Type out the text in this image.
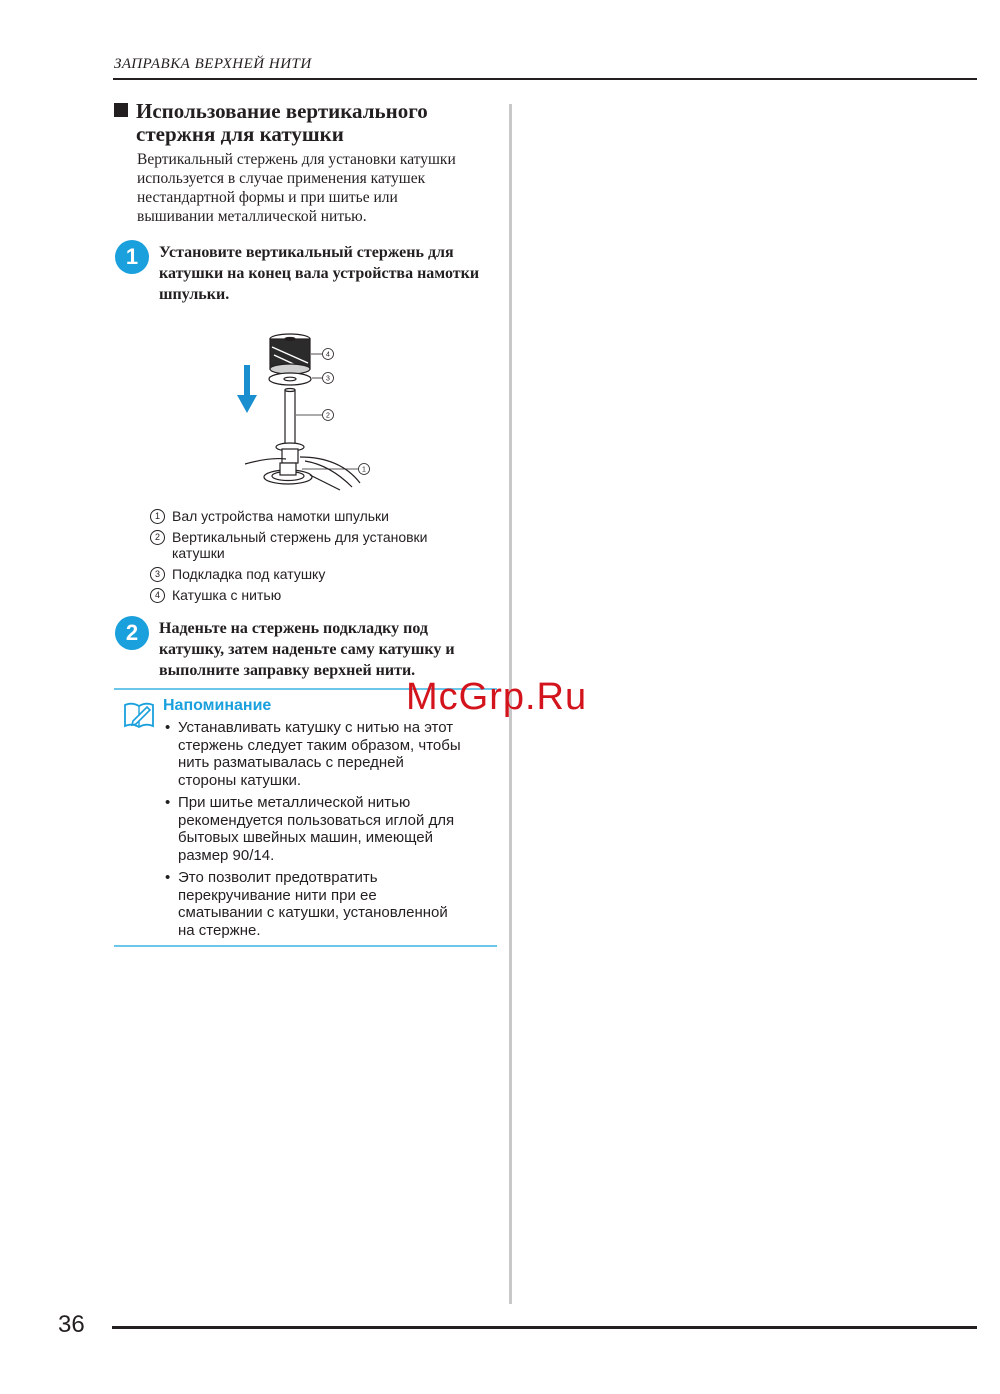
ЗАПРАВКА ВЕРХНЕЙ НИТИ
Использование вертикального
стержня для катушки
Вертикальный стержень для установки катушки
используется в случае применения катушек
нестандартной формы и при шитье или
вышивании металлической нитью.
1	Установите вертикальный стержень для
катушки на конец вала устройства намотки
шпульки.
4
3
2
1
1 Вал устройства намотки шпульки
2 Вертикальный стержень для установки
катушки
3 Подкладка под катушку
4 Катушка с нитью
2	Наденьте на стержень подкладку под
катушку, затем наденьте саму катушку и
выполните заправку верхней нити.
Напоминание
• Устанавливать катушку с нитью на этот
стержень следует таким образом, чтобы
нить разматывалась с передней
стороны катушки.
• При шитье металлической нитью
рекомендуется пользоваться иглой для
бытовых швейных машин, имеющей
размер 90/14.
• Это позволит предотвратить
перекручивание нити при ее
сматывании с катушки, установленной
на стержне.
McGrp.Ru
36
